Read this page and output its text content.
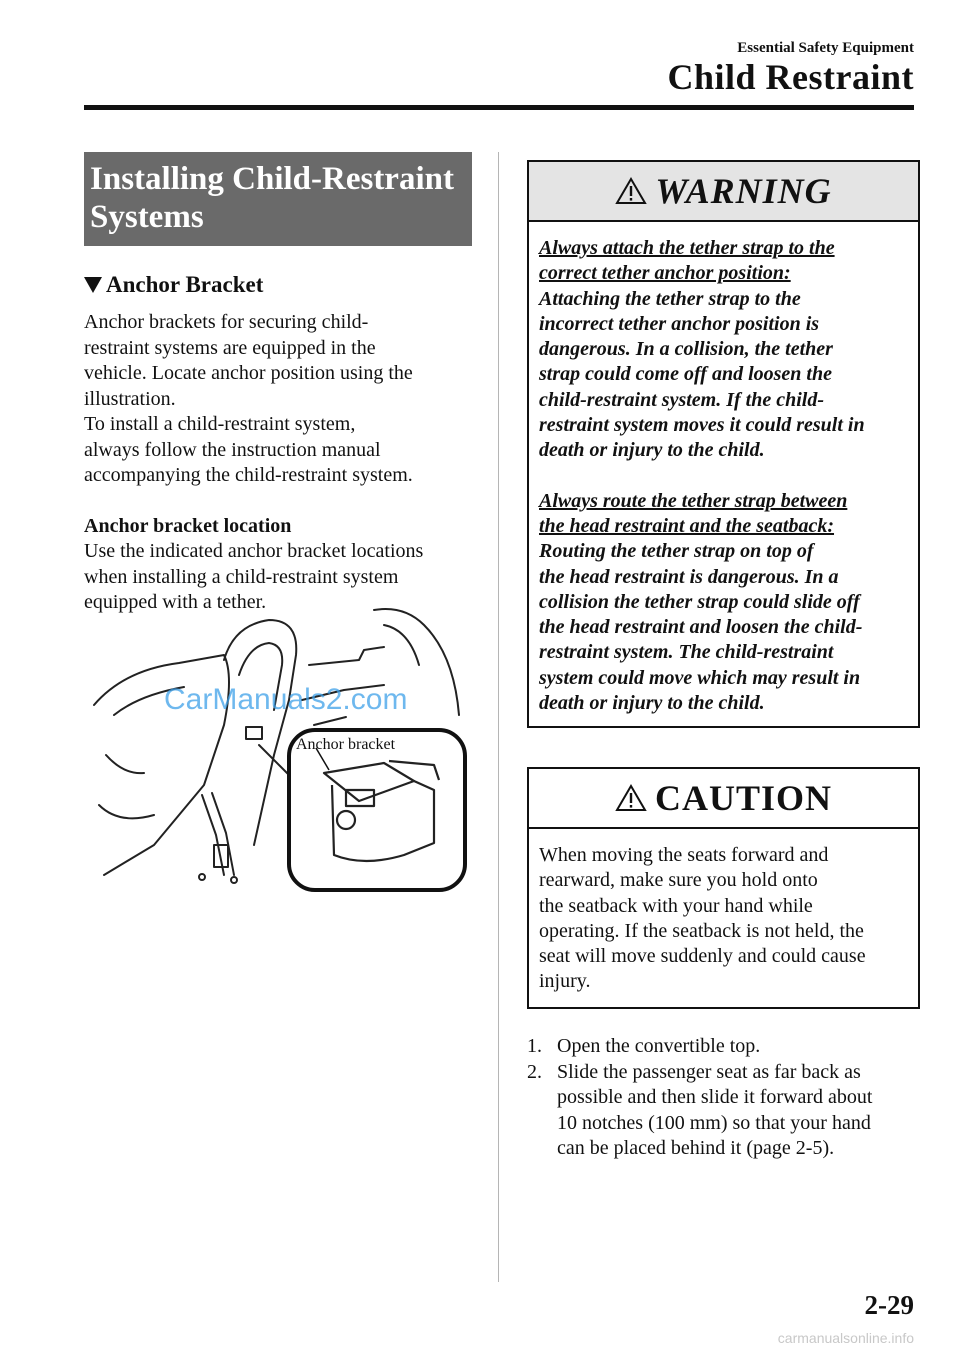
Essential Safety Equipment
Child Restraint
Installing Child-Restraint Systems
Anchor Bracket

Anchor brackets for securing child-

restraint systems are equipped in the

vehicle. Locate anchor position using the

illustration.

To install a child-restraint system,

always follow the instruction manual

accompanying the child-restraint system.

Anchor bracket location
Use the indicated anchor bracket locations
when installing a child-restraint system
equipped with a tether.
Anchor bracket
CarManuals2.com
WARNING

Always attach the tether strap to the

correct tether anchor position:

Attaching the tether strap to the

incorrect tether anchor position is

dangerous. In a collision, the tether

strap could come off and loosen the

child-restraint system. If the child-

restraint system moves it could result in

death or injury to the child.

Always route the tether strap between

the head restraint and the seatback:

Routing the tether strap on top of

the head restraint is dangerous. In a

collision the tether strap could slide off

the head restraint and loosen the child-

restraint system. The child-restraint

system could move which may result in

death or injury to the child.

CAUTION
When moving the seats forward and
rearward, make sure you hold onto
the seatback with your hand while
operating. If the seatback is not held, the
seat will move suddenly and could cause
injury.
1. Open the convertible top.
2. Slide the passenger seat as far back as
possible and then slide it forward about
10 notches (100 mm) so that your hand
can be placed behind it (page 2-5).
2-29
carmanualsonline.info
